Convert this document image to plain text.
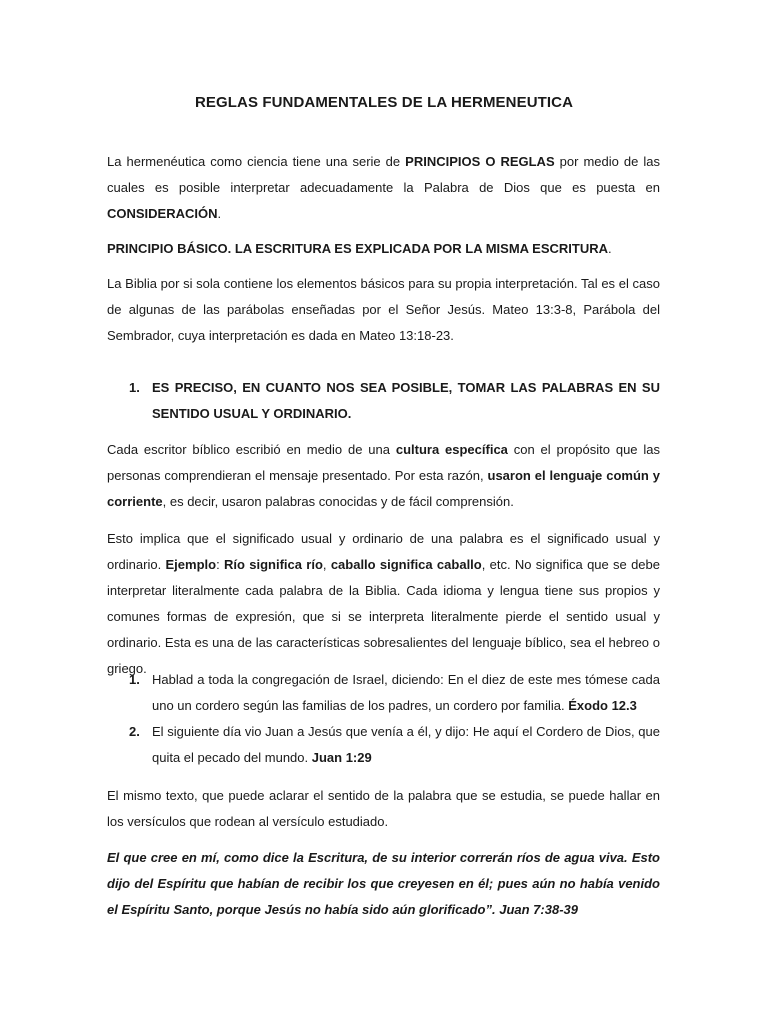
REGLAS FUNDAMENTALES DE LA HERMENEUTICA

La hermenéutica como ciencia tiene una serie de PRINCIPIOS O REGLAS por medio de las cuales es posible interpretar adecuadamente la Palabra de Dios que es puesta en CONSIDERACIÓN.

PRINCIPIO BÁSICO. LA ESCRITURA ES EXPLICADA POR LA MISMA ESCRITURA.

La Biblia por si sola contiene los elementos básicos para su propia interpretación. Tal es el caso de algunas de las parábolas enseñadas por el Señor Jesús. Mateo 13:3-8, Parábola del Sembrador, cuya interpretación es dada en Mateo 13:18-23.

1. ES PRECISO, EN CUANTO NOS SEA POSIBLE, TOMAR LAS PALABRAS EN SU SENTIDO USUAL Y ORDINARIO.

Cada escritor bíblico escribió en medio de una cultura específica con el propósito que las personas comprendieran el mensaje presentado. Por esta razón, usaron el lenguaje común y corriente, es decir, usaron palabras conocidas y de fácil comprensión.

Esto implica que el significado usual y ordinario de una palabra es el significado usual y ordinario. Ejemplo: Río significa río, caballo significa caballo, etc. No significa que se debe interpretar literalmente cada palabra de la Biblia. Cada idioma y lengua tiene sus propios y comunes formas de expresión, que si se interpreta literalmente pierde el sentido usual y ordinario. Esta es una de las características sobresalientes del lenguaje bíblico, sea el hebreo o griego.

1. Hablad a toda la congregación de Israel, diciendo: En el diez de este mes tómese cada uno un cordero según las familias de los padres, un cordero por familia. Éxodo 12.3
2. El siguiente día vio Juan a Jesús que venía a él, y dijo: He aquí el Cordero de Dios, que quita el pecado del mundo. Juan 1:29

El mismo texto, que puede aclarar el sentido de la palabra que se estudia, se puede hallar en los versículos que rodean al versículo estudiado.

El que cree en mí, como dice la Escritura, de su interior correrán ríos de agua viva. Esto dijo del Espíritu que habían de recibir los que creyesen en él; pues aún no había venido el Espíritu Santo, porque Jesús no había sido aún glorificado”. Juan 7:38-39
